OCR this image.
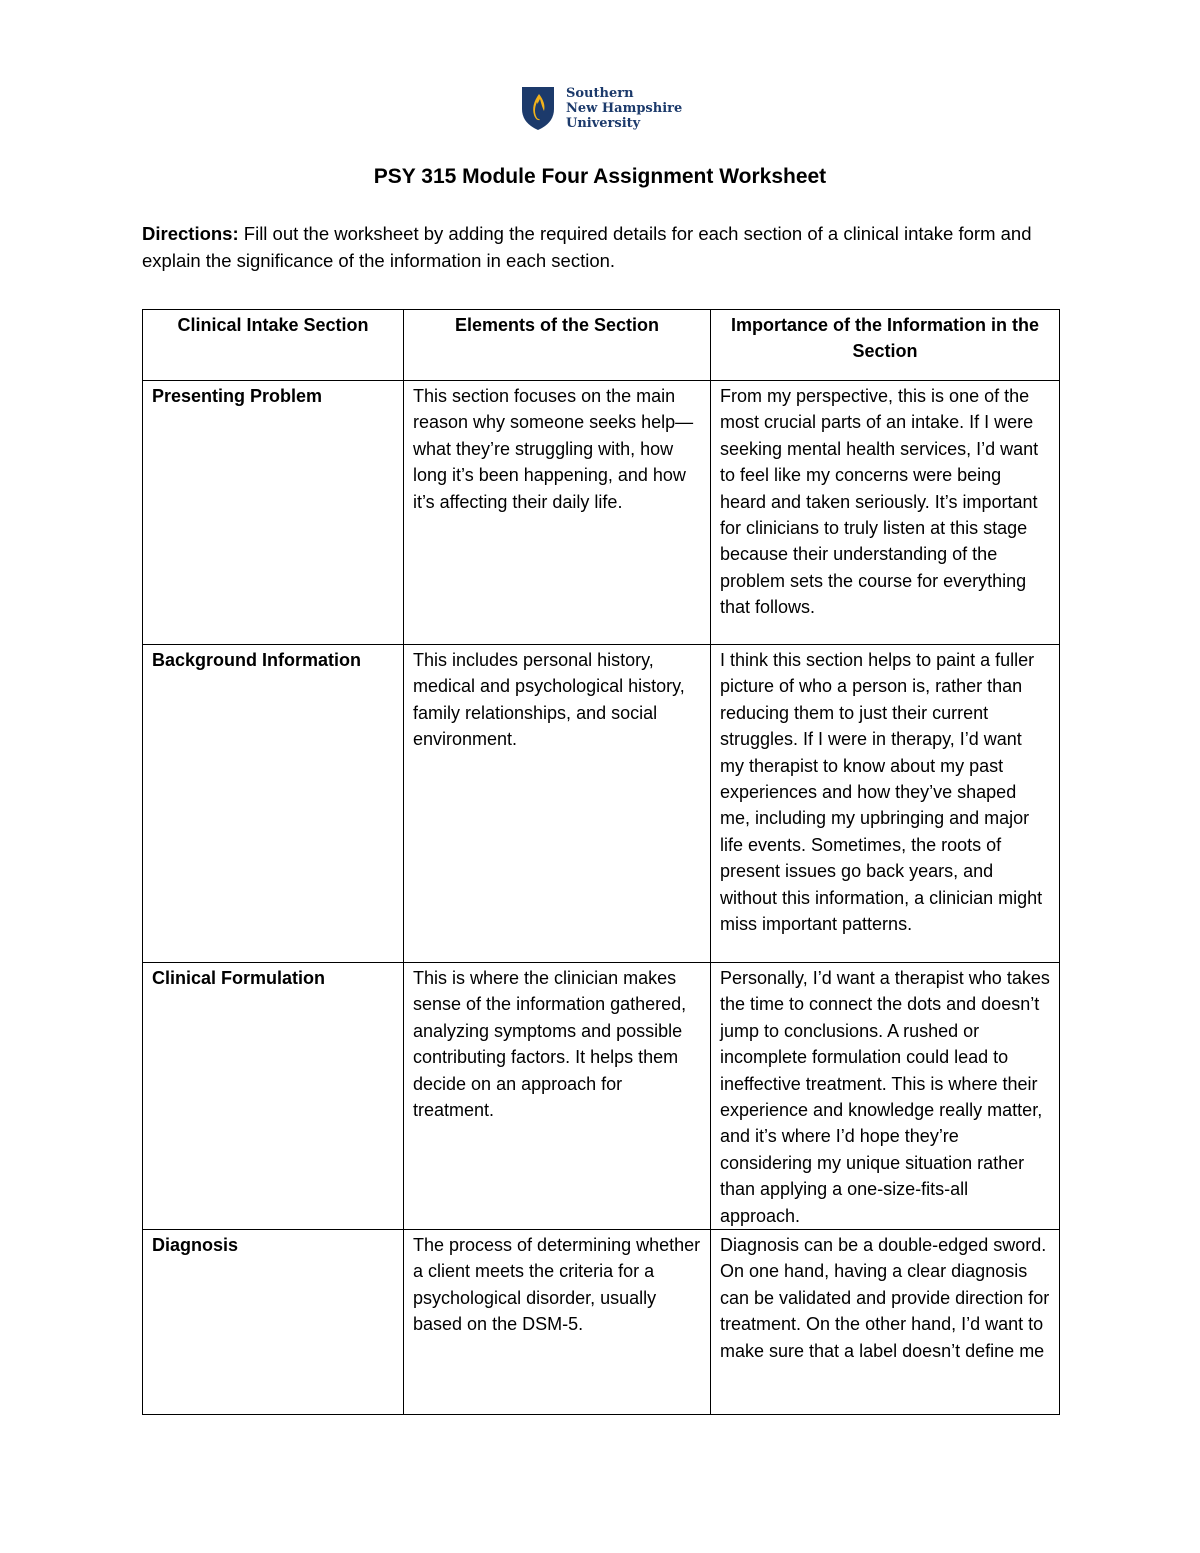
Southern
New Hampshire
University
PSY 315 Module Four Assignment Worksheet

Directions: Fill out the worksheet by adding the required details for each section of a clinical intake form and explain the significance of the information in each section.

Clinical Intake Section	Elements of the Section	Importance of the Information in the Section
Presenting Problem	This section focuses on the main reason why someone seeks help—what they’re struggling with, how long it’s been happening, and how it’s affecting their daily life.	From my perspective, this is one of the most crucial parts of an intake. If I were seeking mental health services, I’d want to feel like my concerns were being heard and taken seriously. It’s important for clinicians to truly listen at this stage because their understanding of the problem sets the course for everything that follows.
Background Information	This includes personal history, medical and psychological history, family relationships, and social environment.	I think this section helps to paint a fuller picture of who a person is, rather than reducing them to just their current struggles. If I were in therapy, I’d want my therapist to know about my past experiences and how they’ve shaped me, including my upbringing and major life events. Sometimes, the roots of present issues go back years, and without this information, a clinician might miss important patterns.
Clinical Formulation	This is where the clinician makes sense of the information gathered, analyzing symptoms and possible contributing factors. It helps them decide on an approach for treatment.	Personally, I’d want a therapist who takes the time to connect the dots and doesn’t jump to conclusions. A rushed or incomplete formulation could lead to ineffective treatment. This is where their experience and knowledge really matter, and it’s where I’d hope they’re considering my unique situation rather than applying a one-size-fits-all approach.
Diagnosis	The process of determining whether a client meets the criteria for a psychological disorder, usually based on the DSM-5.	Diagnosis can be a double-edged sword. On one hand, having a clear diagnosis can be validated and provide direction for treatment. On the other hand, I’d want to make sure that a label doesn’t define me
